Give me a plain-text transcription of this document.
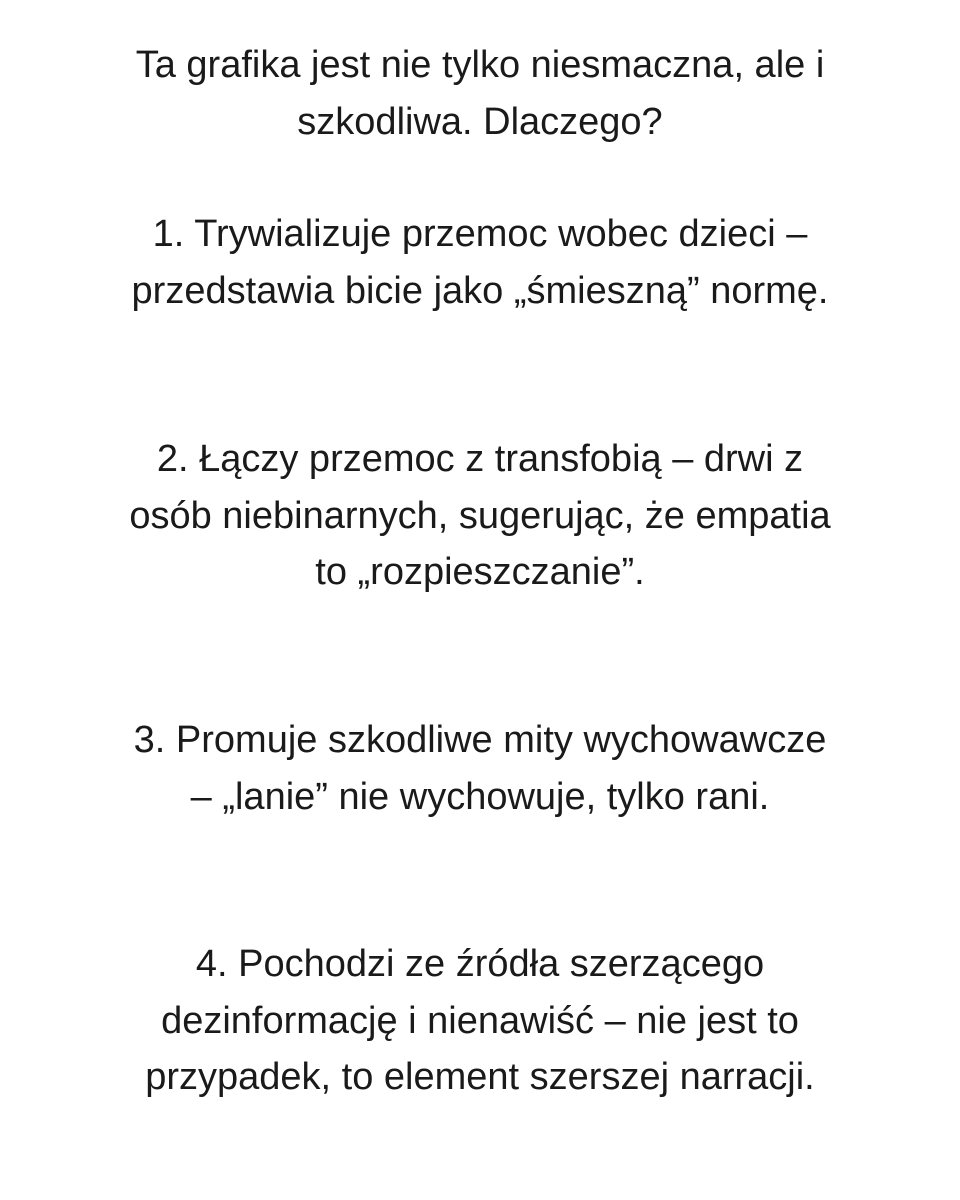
Ta grafika jest nie tylko niesmaczna, ale i
szkodliwa. Dlaczego?
1. Trywializuje przemoc wobec dzieci –
przedstawia bicie jako „śmieszną” normę.
2. Łączy przemoc z transfobią – drwi z
osób niebinarnych, sugerując, że empatia
to „rozpieszczanie”.
3. Promuje szkodliwe mity wychowawcze
– „lanie” nie wychowuje, tylko rani.
4. Pochodzi ze źródła szerzącego
dezinformację i nienawiść – nie jest to
przypadek, to element szerszej narracji.
